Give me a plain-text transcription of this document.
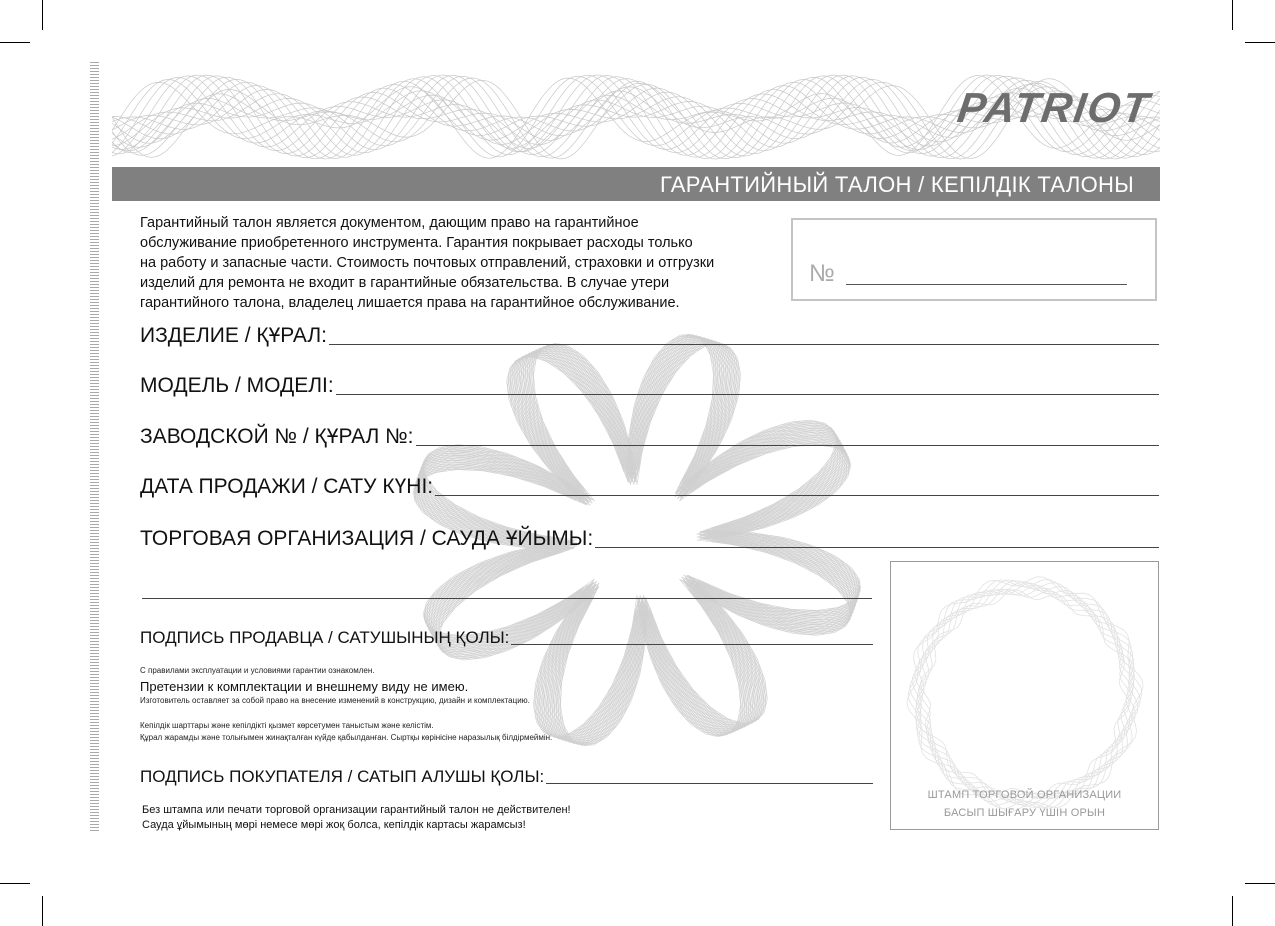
PATRIOT
ГАРАНТИЙНЫЙ ТАЛОН / КЕПІЛДІК ТАЛОНЫ
Гарантийный талон является документом, дающим право на гарантийное
обслуживание приобретенного инструмента. Гарантия покрывает расходы только
на работу и запасные части. Стоимость почтовых отправлений, страховки и отгрузки
изделий для ремонта не входит в гарантийные обязательства. В случае утери
гарантийного талона, владелец лишается права на гарантийное обслуживание.
№
ИЗДЕЛИЕ / ҚҰРАЛ:
МОДЕЛЬ / МОДЕЛІ:
ЗАВОДСКОЙ № / ҚҰРАЛ №:
ДАТА ПРОДАЖИ / САТУ КҮНІ:
ТОРГОВАЯ ОРГАНИЗАЦИЯ / САУДА ҰЙЫМЫ:
ПОДПИСЬ ПРОДАВЦА / САТУШЫНЫҢ ҚОЛЫ:
С правилами эксплуатации и условиями гарантии ознакомлен.
Претензии к комплектации и внешнему виду не имею.
Изготовитель оставляет за собой право на внесение изменений в конструкцию, дизайн и комплектацию.
Кепілдік шарттары және кепілдікті қызмет көрсетумен таныстым және келістім.
Құрал жарамды және толығымен жинақталған күйде қабылданған. Сыртқы көрінісіне наразылық білдірмеймін.
ПОДПИСЬ ПОКУПАТЕЛЯ / САТЫП АЛУШЫ ҚОЛЫ:
Без штампа или печати торговой организации гарантийный талон не действителен!
Сауда ұйымының мөрі немесе мөрі жоқ болса, кепілдік картасы жарамсыз!
ШТАМП ТОРГОВОЙ ОРГАНИЗАЦИИ
БАСЫП ШЫҒАРУ ҮШІН ОРЫН
